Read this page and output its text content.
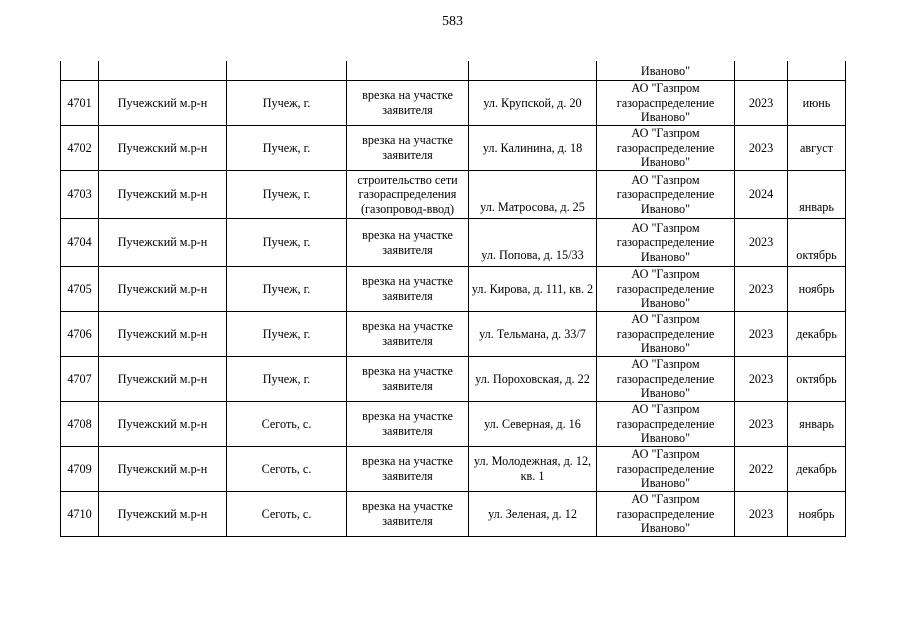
583
					Иваново"		
4701	Пучежский м.р-н	Пучеж, г.	врезка на участке заявителя	ул. Крупской, д. 20	АО "Газпром газораспределение Иваново"	2023	июнь
4702	Пучежский м.р-н	Пучеж, г.	врезка на участке заявителя	ул. Калинина, д. 18	АО "Газпром газораспределение Иваново"	2023	август
4703	Пучежский м.р-н	Пучеж, г.	строительство сети газораспределения (газопровод-ввод)	ул. Матросова, д. 25	АО "Газпром газораспределение Иваново"	2024	январь
4704	Пучежский м.р-н	Пучеж, г.	врезка на участке заявителя	ул. Попова, д. 15/33	АО "Газпром газораспределение Иваново"	2023	октябрь
4705	Пучежский м.р-н	Пучеж, г.	врезка на участке заявителя	ул. Кирова, д. 111, кв. 2	АО "Газпром газораспределение Иваново"	2023	ноябрь
4706	Пучежский м.р-н	Пучеж, г.	врезка на участке заявителя	ул. Тельмана, д. 33/7	АО "Газпром газораспределение Иваново"	2023	декабрь
4707	Пучежский м.р-н	Пучеж, г.	врезка на участке заявителя	ул. Пороховская, д. 22	АО "Газпром газораспределение Иваново"	2023	октябрь
4708	Пучежский м.р-н	Сеготь, с.	врезка на участке заявителя	ул. Северная, д. 16	АО "Газпром газораспределение Иваново"	2023	январь
4709	Пучежский м.р-н	Сеготь, с.	врезка на участке заявителя	ул. Молодежная, д. 12, кв. 1	АО "Газпром газораспределение Иваново"	2022	декабрь
4710	Пучежский м.р-н	Сеготь, с.	врезка на участке заявителя	ул. Зеленая, д. 12	АО "Газпром газораспределение Иваново"	2023	ноябрь
